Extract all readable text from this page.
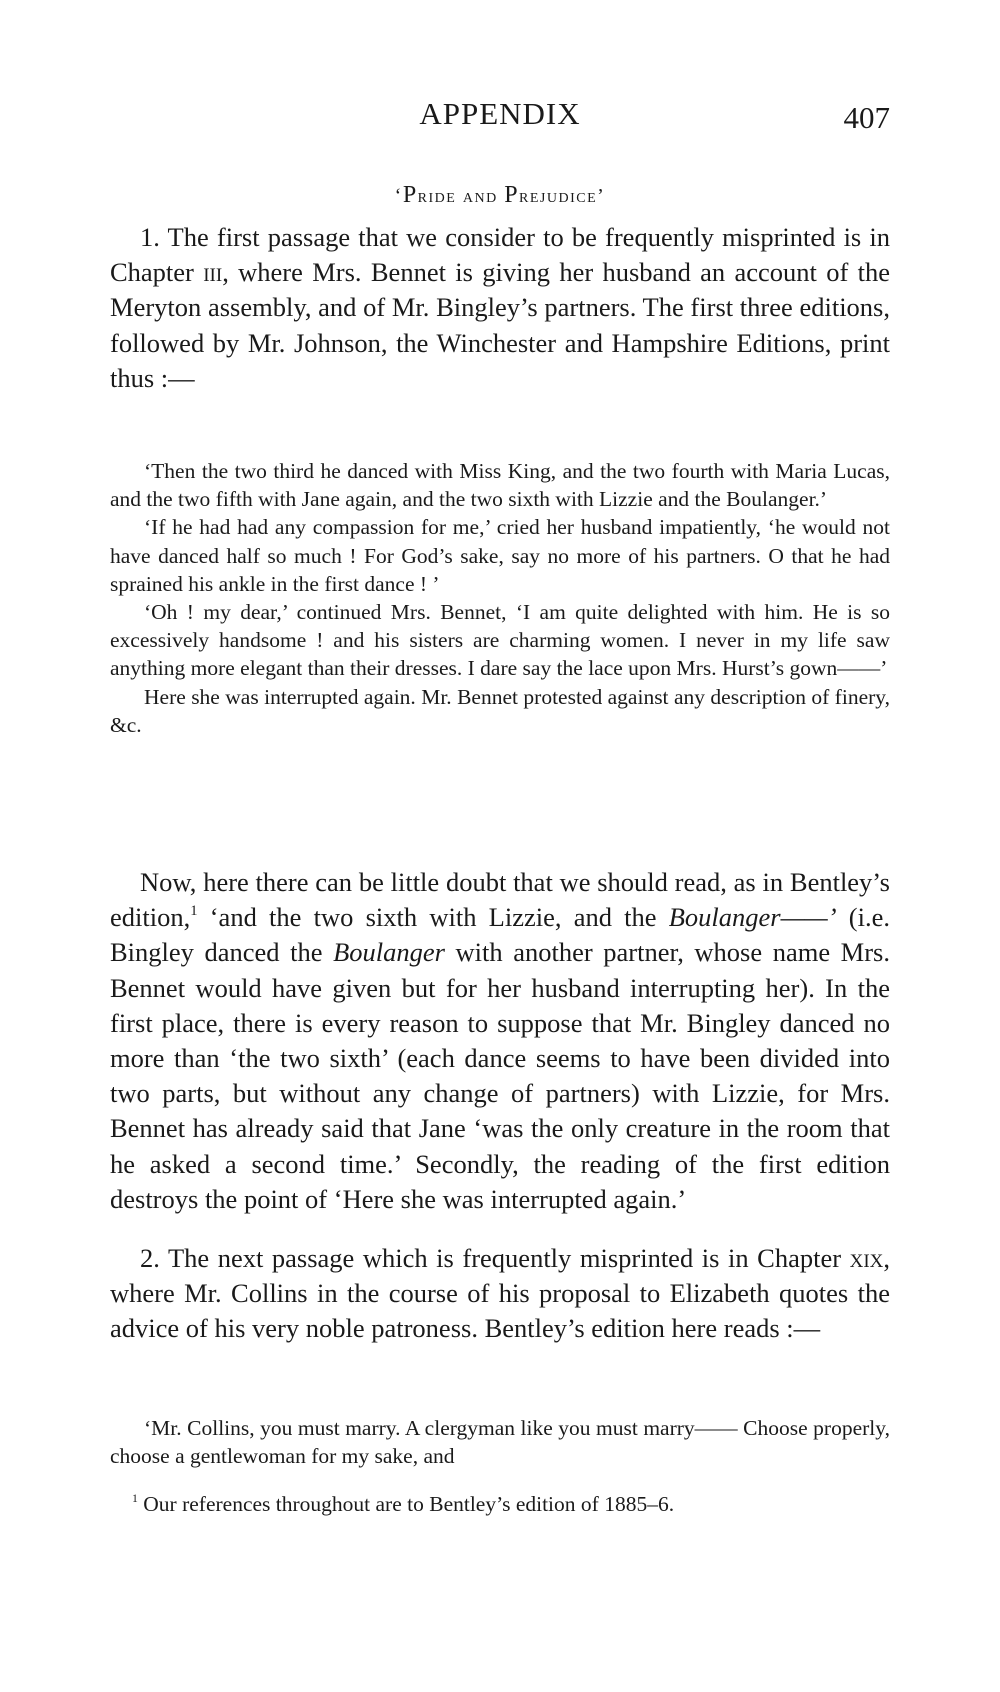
APPENDIX	407
‘Pride and Prejudice’

1. The first passage that we consider to be frequently misprinted is in Chapter iii, where Mrs. Bennet is giving her husband an account of the Meryton assembly, and of Mr. Bingley’s partners. The first three editions, followed by Mr. Johnson, the Winchester and Hampshire Editions, print thus :—

‘Then the two third he danced with Miss King, and the two fourth with Maria Lucas, and the two fifth with Jane again, and the two sixth with Lizzie and the Boulanger.’

‘If he had had any compassion for me,’ cried her husband impatiently, ‘he would not have danced half so much ! For God’s sake, say no more of his partners. O that he had sprained his ankle in the first dance ! ’

‘Oh ! my dear,’ continued Mrs. Bennet, ‘I am quite delighted with him. He is so excessively handsome ! and his sisters are charming women. I never in my life saw anything more elegant than their dresses. I dare say the lace upon Mrs. Hurst’s gown——’

Here she was interrupted again. Mr. Bennet protested against any description of finery, &c.

Now, here there can be little doubt that we should read, as in Bentley’s edition,$^1$ ‘and the two sixth with Lizzie, and the Boulanger——’ (i.e. Bingley danced the Boulanger with another partner, whose name Mrs. Bennet would have given but for her husband interrupting her). In the first place, there is every reason to suppose that Mr. Bingley danced no more than ‘the two sixth’ (each dance seems to have been divided into two parts, but without any change of partners) with Lizzie, for Mrs. Bennet has already said that Jane ‘was the only creature in the room that he asked a second time.’ Secondly, the reading of the first edition destroys the point of ‘Here she was interrupted again.’

2. The next passage which is frequently misprinted is in Chapter xix, where Mr. Collins in the course of his proposal to Elizabeth quotes the advice of his very noble patroness. Bentley’s edition here reads :—

‘Mr. Collins, you must marry. A clergyman like you must marry—— Choose properly, choose a gentlewoman for my sake, and

$^1$ Our references throughout are to Bentley’s edition of 1885–6.
